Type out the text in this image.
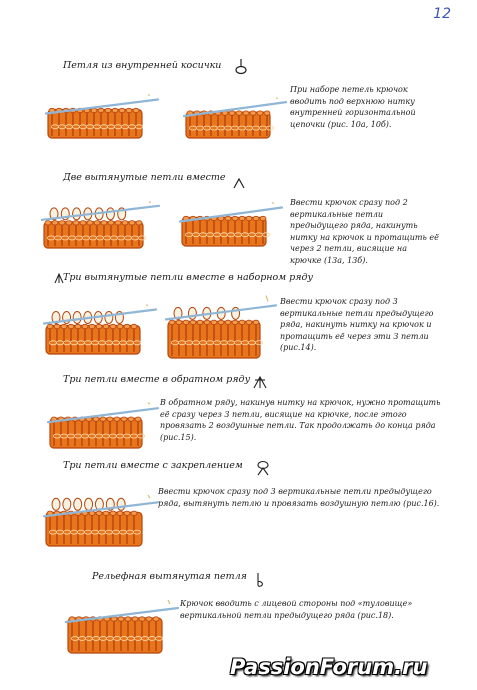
12
Петля из внутренней косички
При наборе петель крючок вводить под верхнюю нитку внутренней горизонтальной цепочки (рис. 10а, 10б).
Две вытянутые петли вместе
Ввести крючок сразу под 2 вертикальные петли предыдущего ряда, накинуть нитку на крючок и протащить её через 2 петли, висящие на крючке (13а, 13б).
Три вытянутые петли вместе в наборном ряду
Ввести крючок сразу под 3 вертикальные петли предыдущего ряда, накинуть нитку на крючок и протащить её через эти 3 петли (рис.14).
Три петли вместе в обратном ряду
В обратном ряду, накинув нитку на крючок, нужно протащить её сразу через 3 петли, висящие на крючке, после этого провязать 2 воздушные петли. Так продолжать до конца ряда (рис.15).
Три петли вместе с закреплением
Ввести крючок сразу под 3 вертикальные петли предыдущего ряда, вытянуть петлю и провязать воздушную петлю (рис.16).
Рельефная вытянутая петля
Крючок вводить с лицевой стороны под «туловище» вертикальной петли предыдущего ряда (рис.18).
PassionForum.ru
